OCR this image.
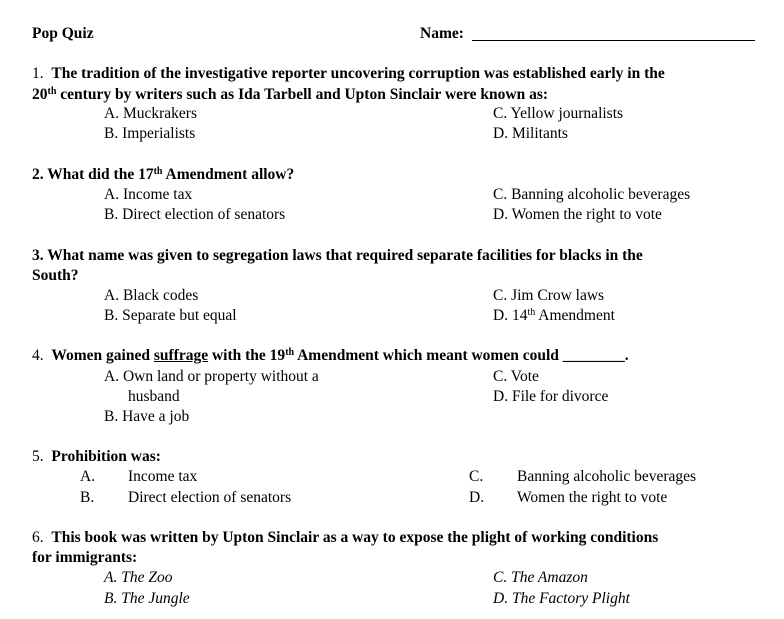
Pop Quiz	Name:
1. The tradition of the investigative reporter uncovering corruption was established early in the
20th century by writers such as Ida Tarbell and Upton Sinclair were known as:
A. Muckrakers
B. Imperialists
C. Yellow journalists
D. Militants
2. What did the 17th Amendment allow?
A. Income tax
B. Direct election of senators
C. Banning alcoholic beverages
D. Women the right to vote
3. What name was given to segregation laws that required separate facilities for blacks in the
South?
A. Black codes
B. Separate but equal
C. Jim Crow laws
D. 14th Amendment
4. Women gained suffrage with the 19th Amendment which meant women could ________.
A. Own land or property without a
husband
B. Have a job
C. Vote
D. File for divorce
5. Prohibition was:
A. Income tax
B. Direct election of senators
C. Banning alcoholic beverages
D. Women the right to vote
6. This book was written by Upton Sinclair as a way to expose the plight of working conditions
for immigrants:
A. The Zoo
B. The Jungle
C. The Amazon
D. The Factory Plight
